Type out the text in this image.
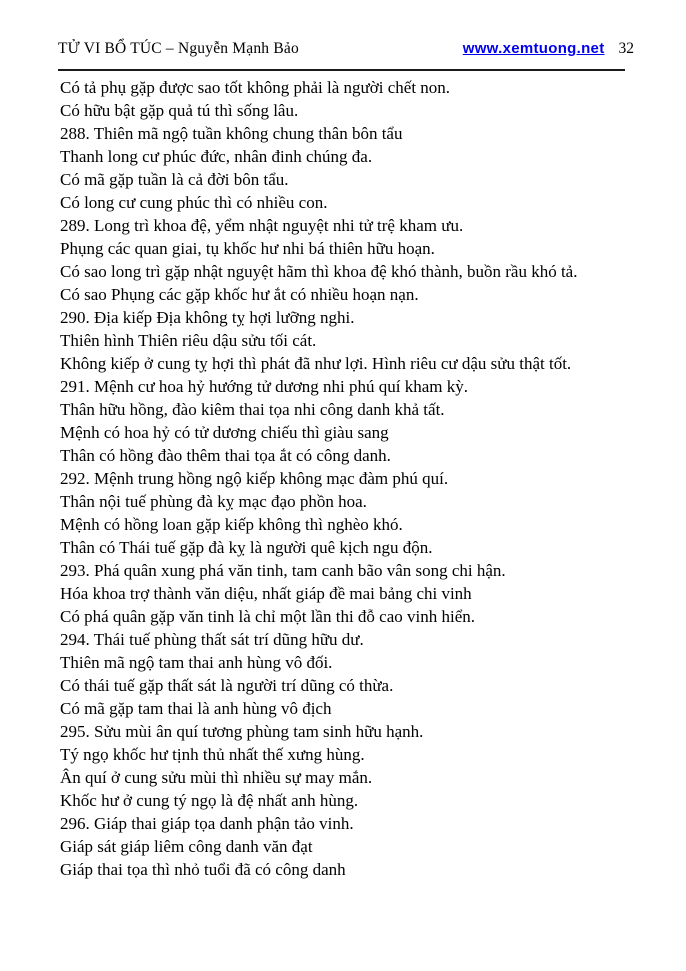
TỬ VI BỔ TÚC – Nguyễn Mạnh Bảo	www.xemtuong.net 32

Có tả phụ gặp được sao tốt không phải là người chết non.

Có hữu bật gặp quả tú thì sống lâu.

288. Thiên mã ngộ tuần không chung thân bôn tẩu

Thanh long cư phúc đức, nhân đinh chúng đa.

Có mã gặp tuần là cả đời bôn tẩu.

Có long cư cung phúc thì có nhiều con.

289. Long trì khoa đệ, yểm nhật nguyệt nhi tử trệ kham ưu.

Phụng các quan giai, tụ khốc hư nhi bá thiên hữu hoạn.

Có sao long trì gặp nhật nguyệt hãm thì khoa đệ khó thành, buồn rầu khó tả.

Có sao Phụng các gặp khốc hư ắt có nhiều hoạn nạn.

290. Địa kiếp Địa không tỵ hợi lưỡng nghi.

Thiên hình Thiên riêu dậu sửu tối cát.

Không kiếp ở cung tỵ hợi thì phát đã như lợi. Hình riêu cư dậu sửu thật tốt.

291. Mệnh cư hoa hỷ hướng tử dương nhi phú quí kham kỳ.

Thân hữu hồng, đào kiêm thai tọa nhi công danh khả tất.

Mệnh có hoa hỷ có tử dương chiếu thì giàu sang

Thân có hồng đào thêm thai tọa ắt có công danh.

292. Mệnh trung hồng ngộ kiếp không mạc đàm phú quí.

Thân nội tuế phùng đà kỵ mạc đạo phồn hoa.

Mệnh có hồng loan gặp kiếp không thì nghèo khó.

Thân có Thái tuế gặp đà kỵ là người quê kịch ngu độn.

293. Phá quân xung phá văn tinh, tam canh bão vân song chi hận.

Hóa khoa trợ thành văn diệu, nhất giáp đề mai bảng chi vinh

Có phá quân gặp văn tinh là chỉ một lần thi đỗ cao vinh hiển.

294. Thái tuế phùng thất sát trí dũng hữu dư.

Thiên mã ngộ tam thai anh hùng vô đối.

Có thái tuế gặp thất sát là người trí dũng có thừa.

Có mã gặp tam thai là anh hùng vô địch

295. Sửu mùi ân quí tương phùng tam sinh hữu hạnh.

Tý ngọ khốc hư tịnh thủ nhất thế xưng hùng.

Ân quí ở cung sửu mùi thì nhiều sự may mắn.

Khốc hư ở cung tý ngọ là đệ nhất anh hùng.

296. Giáp thai giáp tọa danh phận tảo vinh.

Giáp sát giáp liêm công danh văn đạt

Giáp thai tọa thì nhỏ tuổi đã có công danh
